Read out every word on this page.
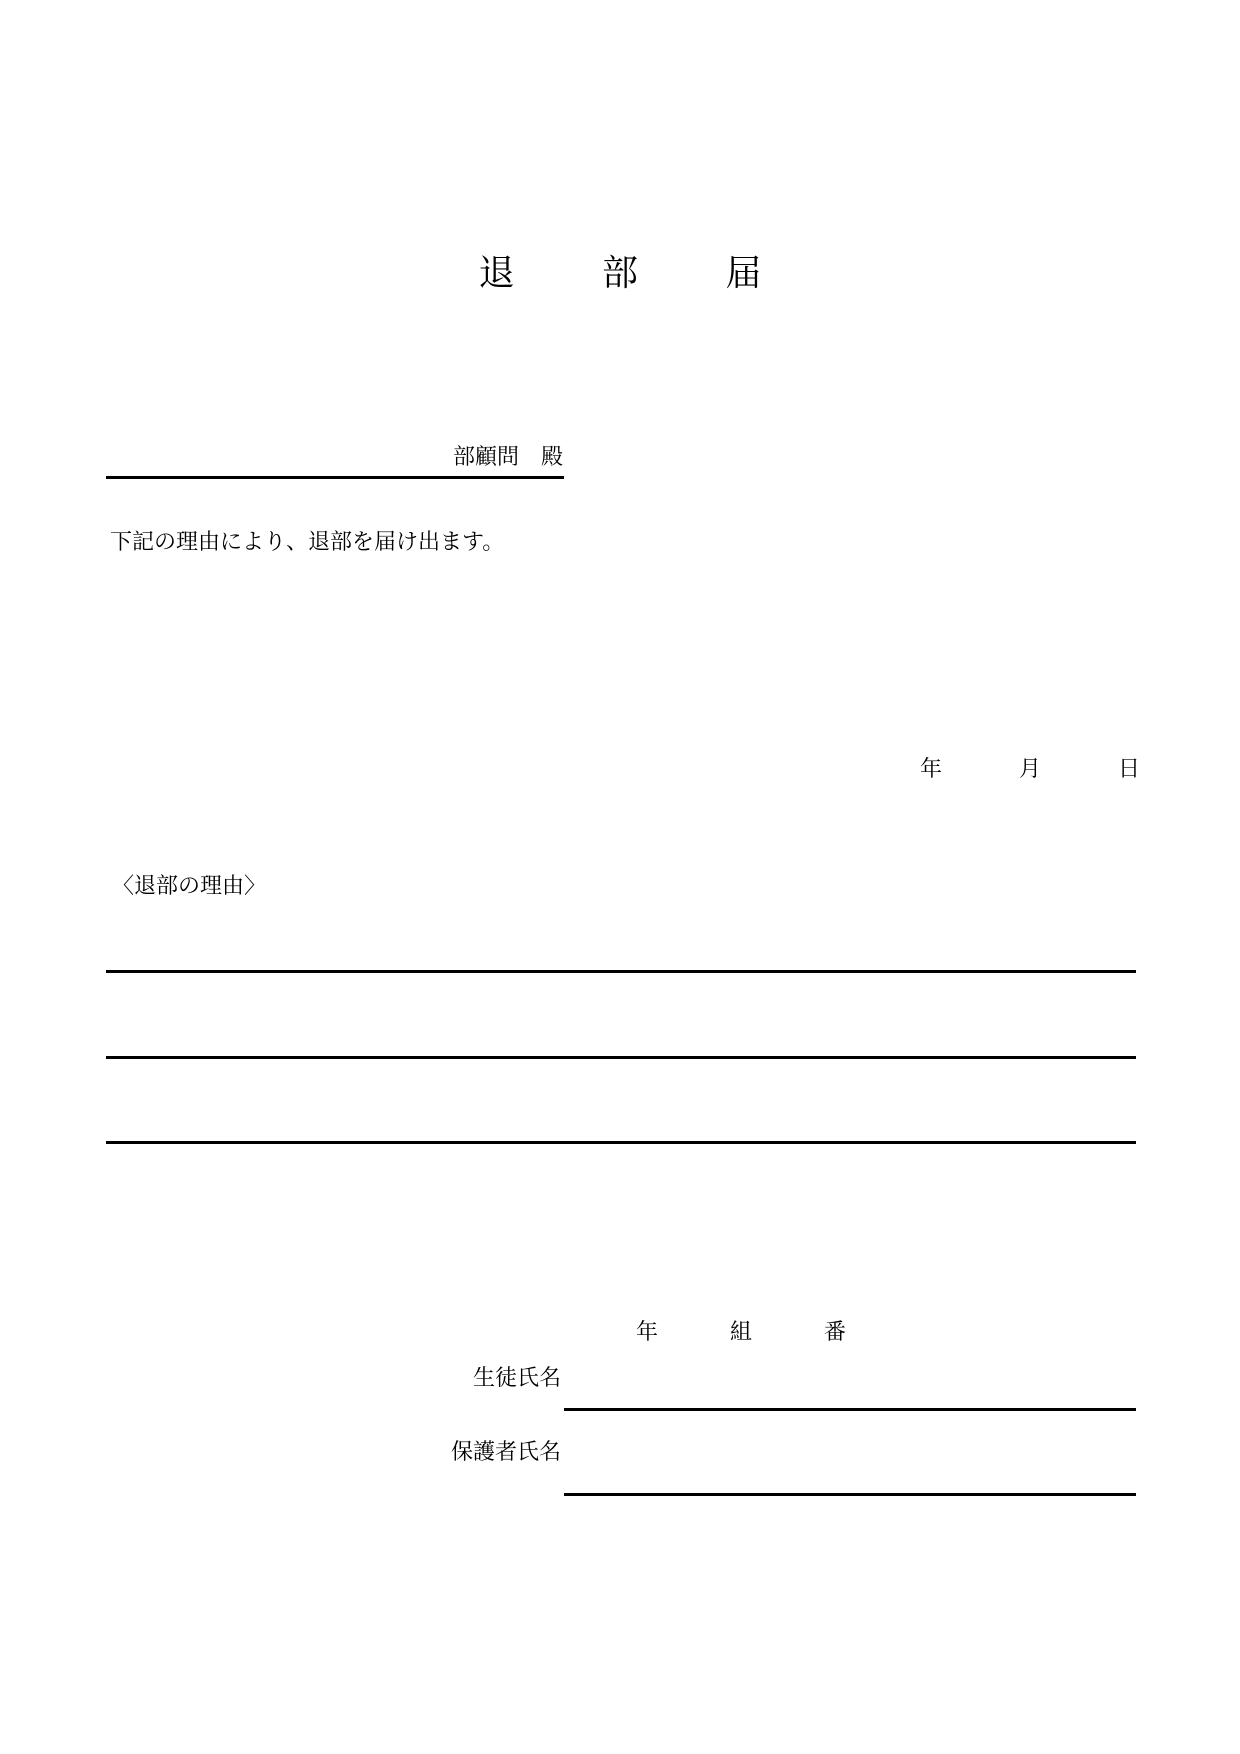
退 部 届
部顧問　殿
下記の理由により、退部を届け出ます。
年	月	日
〈退部の理由〉
年	組	番
生徒氏名
保護者氏名
